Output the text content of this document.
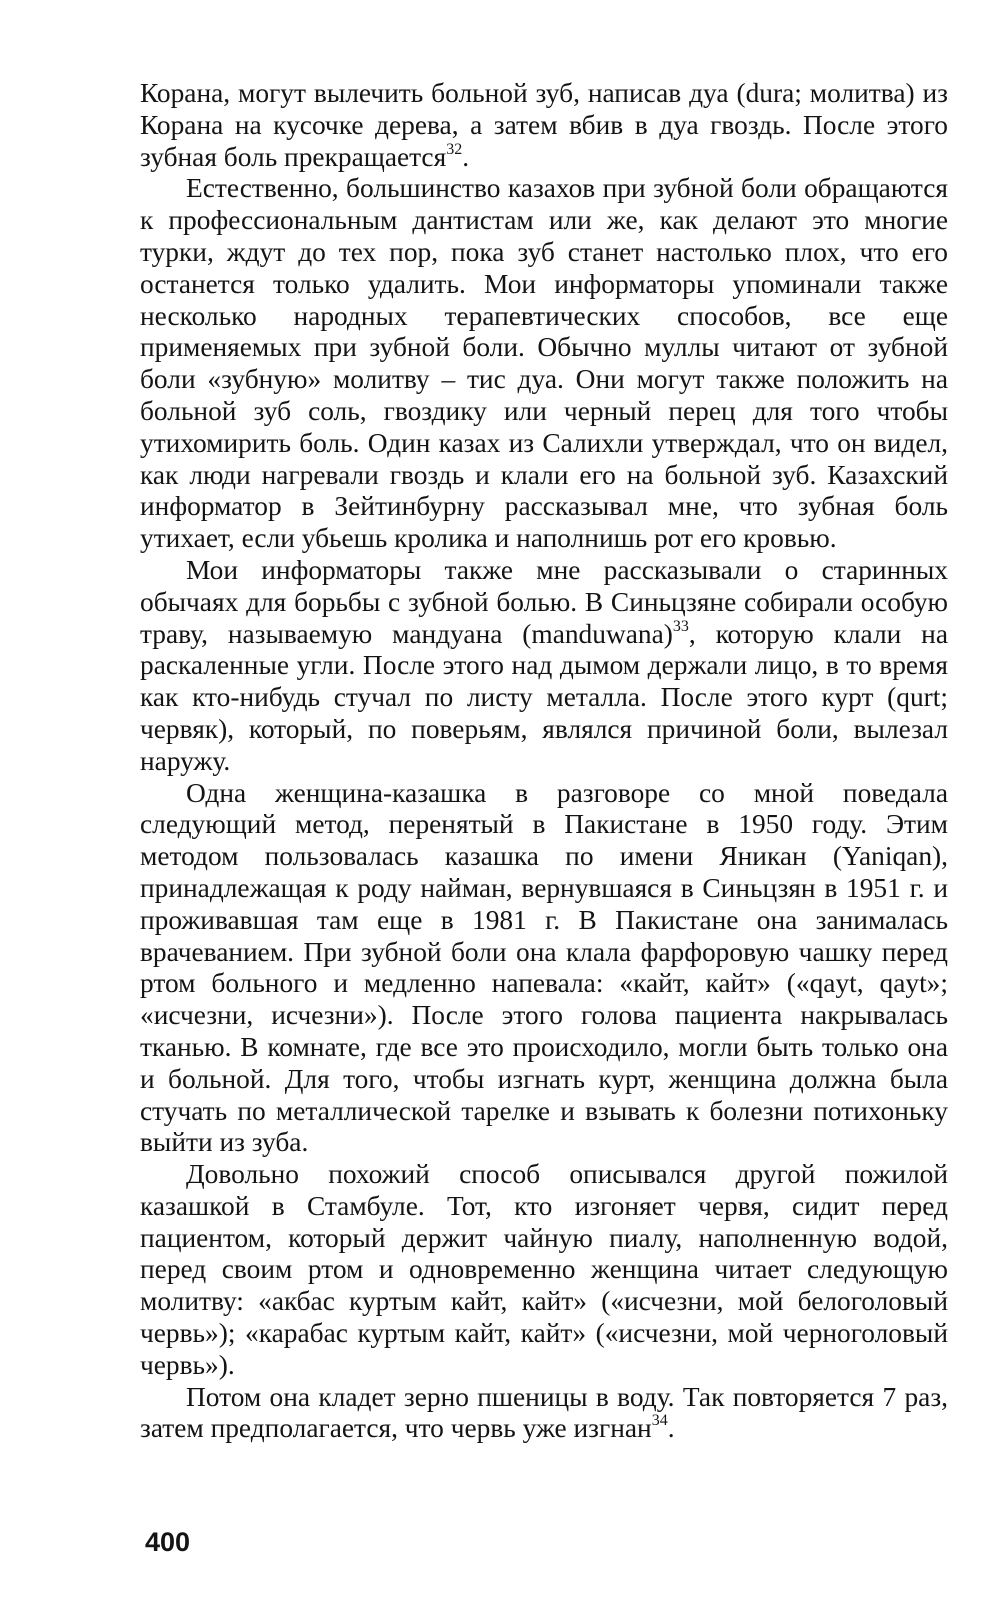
Корана, могут вылечить больной зуб, написав дуа (dura; молитва) из Корана на кусочке дерева, а затем вбив в дуа гвоздь. После этого зубная боль прекращается$^{32}$.

Естественно, большинство казахов при зубной боли обращаются к профессиональным дантистам или же, как делают это многие турки, ждут до тех пор, пока зуб станет настолько плох, что его останется только удалить. Мои информаторы упоминали также несколько народных терапевтических способов, все еще применяемых при зубной боли. Обычно муллы читают от зубной боли «зубную» молитву – тис дуа. Они могут также положить на больной зуб соль, гвоздику или черный перец для того чтобы утихомирить боль. Один казах из Салихли утверждал, что он видел, как люди нагревали гвоздь и клали его на больной зуб. Казахский информатор в Зейтинбурну рассказывал мне, что зубная боль утихает, если убьешь кролика и наполнишь рот его кровью.

Мои информаторы также мне рассказывали о старинных обычаях для борьбы с зубной болью. В Синьцзяне собирали особую траву, называемую мандуана (manduwana)$^{33}$, которую клали на раскаленные угли. После этого над дымом держали лицо, в то время как кто-нибудь стучал по листу металла. После этого курт (qurt; червяк), который, по поверьям, являлся причиной боли, вылезал наружу.

Одна женщина-казашка в разговоре со мной поведала следующий метод, перенятый в Пакистане в 1950 году. Этим методом пользовалась казашка по имени Яникан (Yaniqan), принадлежащая к роду найман, вернувшаяся в Синьцзян в 1951 г. и проживавшая там еще в 1981 г. В Пакистане она занималась врачеванием. При зубной боли она клала фарфоровую чашку перед ртом больного и медленно напевала: «кайт, кайт» («qayt, qayt»; «исчезни, исчезни»). После этого голова пациента накрывалась тканью. В комнате, где все это происходило, могли быть только она и больной. Для того, чтобы изгнать курт, женщина должна была стучать по металлической тарелке и взывать к болезни потихоньку выйти из зуба.

Довольно похожий способ описывался другой пожилой казашкой в Стамбуле. Тот, кто изгоняет червя, сидит перед пациентом, который держит чайную пиалу, наполненную водой, перед своим ртом и одновременно женщина читает следующую молитву: «акбас куртым кайт, кайт» («исчезни, мой белоголовый червь»); «карабас куртым кайт, кайт» («исчезни, мой черноголовый червь»).

Потом она кладет зерно пшеницы в воду. Так повторяется 7 раз, затем предполагается, что червь уже изгнан$^{34}$.

400
